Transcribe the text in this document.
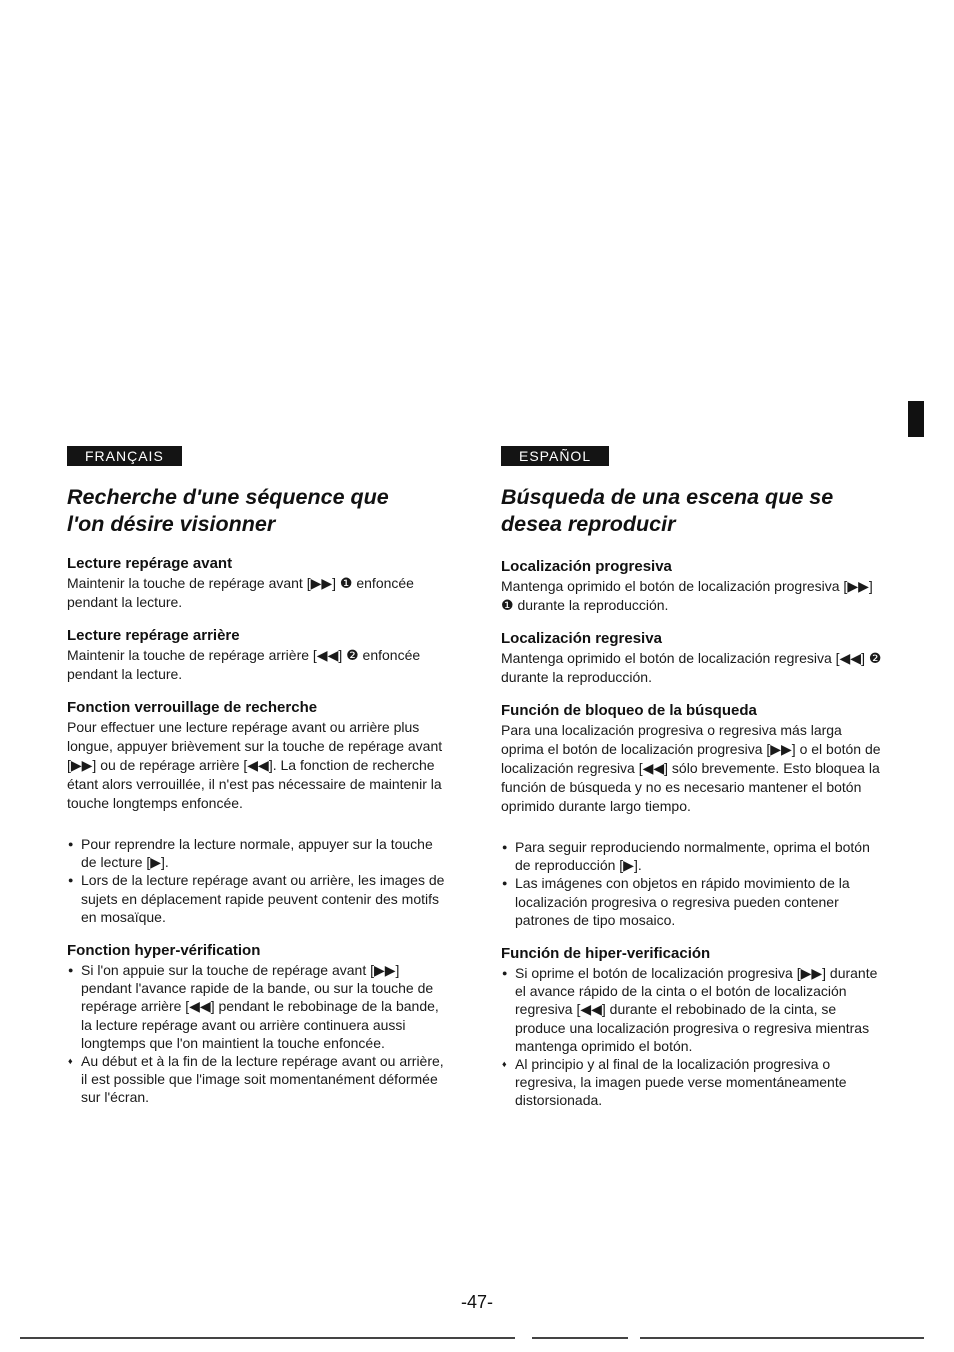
FRANÇAIS
Recherche d'une séquence que
l'on désire visionner
Lecture repérage avant

Maintenir la touche de repérage avant [▶▶] ❶ enfoncée pendant la lecture.

Lecture repérage arrière

Maintenir la touche de repérage arrière [◀◀] ❷ enfoncée pendant la lecture.

Fonction verrouillage de recherche

Pour effectuer une lecture repérage avant ou arrière plus longue, appuyer brièvement sur la touche de repérage avant [▶▶] ou de repérage arrière [◀◀]. La fonction de recherche étant alors verrouillée, il n'est pas nécessaire de maintenir la touche longtemps enfoncée.

● Pour reprendre la lecture normale, appuyer sur la touche de lecture [▶].
● Lors de la lecture repérage avant ou arrière, les images de sujets en déplacement rapide peuvent contenir des motifs en mosaïque.
Fonction hyper-vérification
● Si l'on appuie sur la touche de repérage avant [▶▶] pendant l'avance rapide de la bande, ou sur la touche de repérage arrière [◀◀] pendant le rebobinage de la bande, la lecture repérage avant ou arrière continuera aussi longtemps que l'on maintient la touche enfoncée.
♦ Au début et à la fin de la lecture repérage avant ou arrière, il est possible que l'image soit momentanément déformée sur l'écran.
ESPAÑOL
Búsqueda de una escena que se
desea reproducir
Localización progresiva

Mantenga oprimido el botón de localización progresiva [▶▶] ❶ durante la reproducción.

Localización regresiva

Mantenga oprimido el botón de localización regresiva [◀◀] ❷ durante la reproducción.

Función de bloqueo de la búsqueda

Para una localización progresiva o regresiva más larga oprima el botón de localización progresiva [▶▶] o el botón de localización regresiva [◀◀] sólo brevemente. Esto bloquea la función de búsqueda y no es necesario mantener el botón oprimido durante largo tiempo.

● Para seguir reproduciendo normalmente, oprima el botón de reproducción [▶].
● Las imágenes con objetos en rápido movimiento de la localización progresiva o regresiva pueden contener patrones de tipo mosaico.
Función de hiper-verificación
● Si oprime el botón de localización progresiva [▶▶] durante el avance rápido de la cinta o el botón de localización regresiva [◀◀] durante el rebobinado de la cinta, se produce una localización progresiva o regresiva mientras mantenga oprimido el botón.
♦ Al principio y al final de la localización progresiva o regresiva, la imagen puede verse momentáneamente distorsionada.
-47-
